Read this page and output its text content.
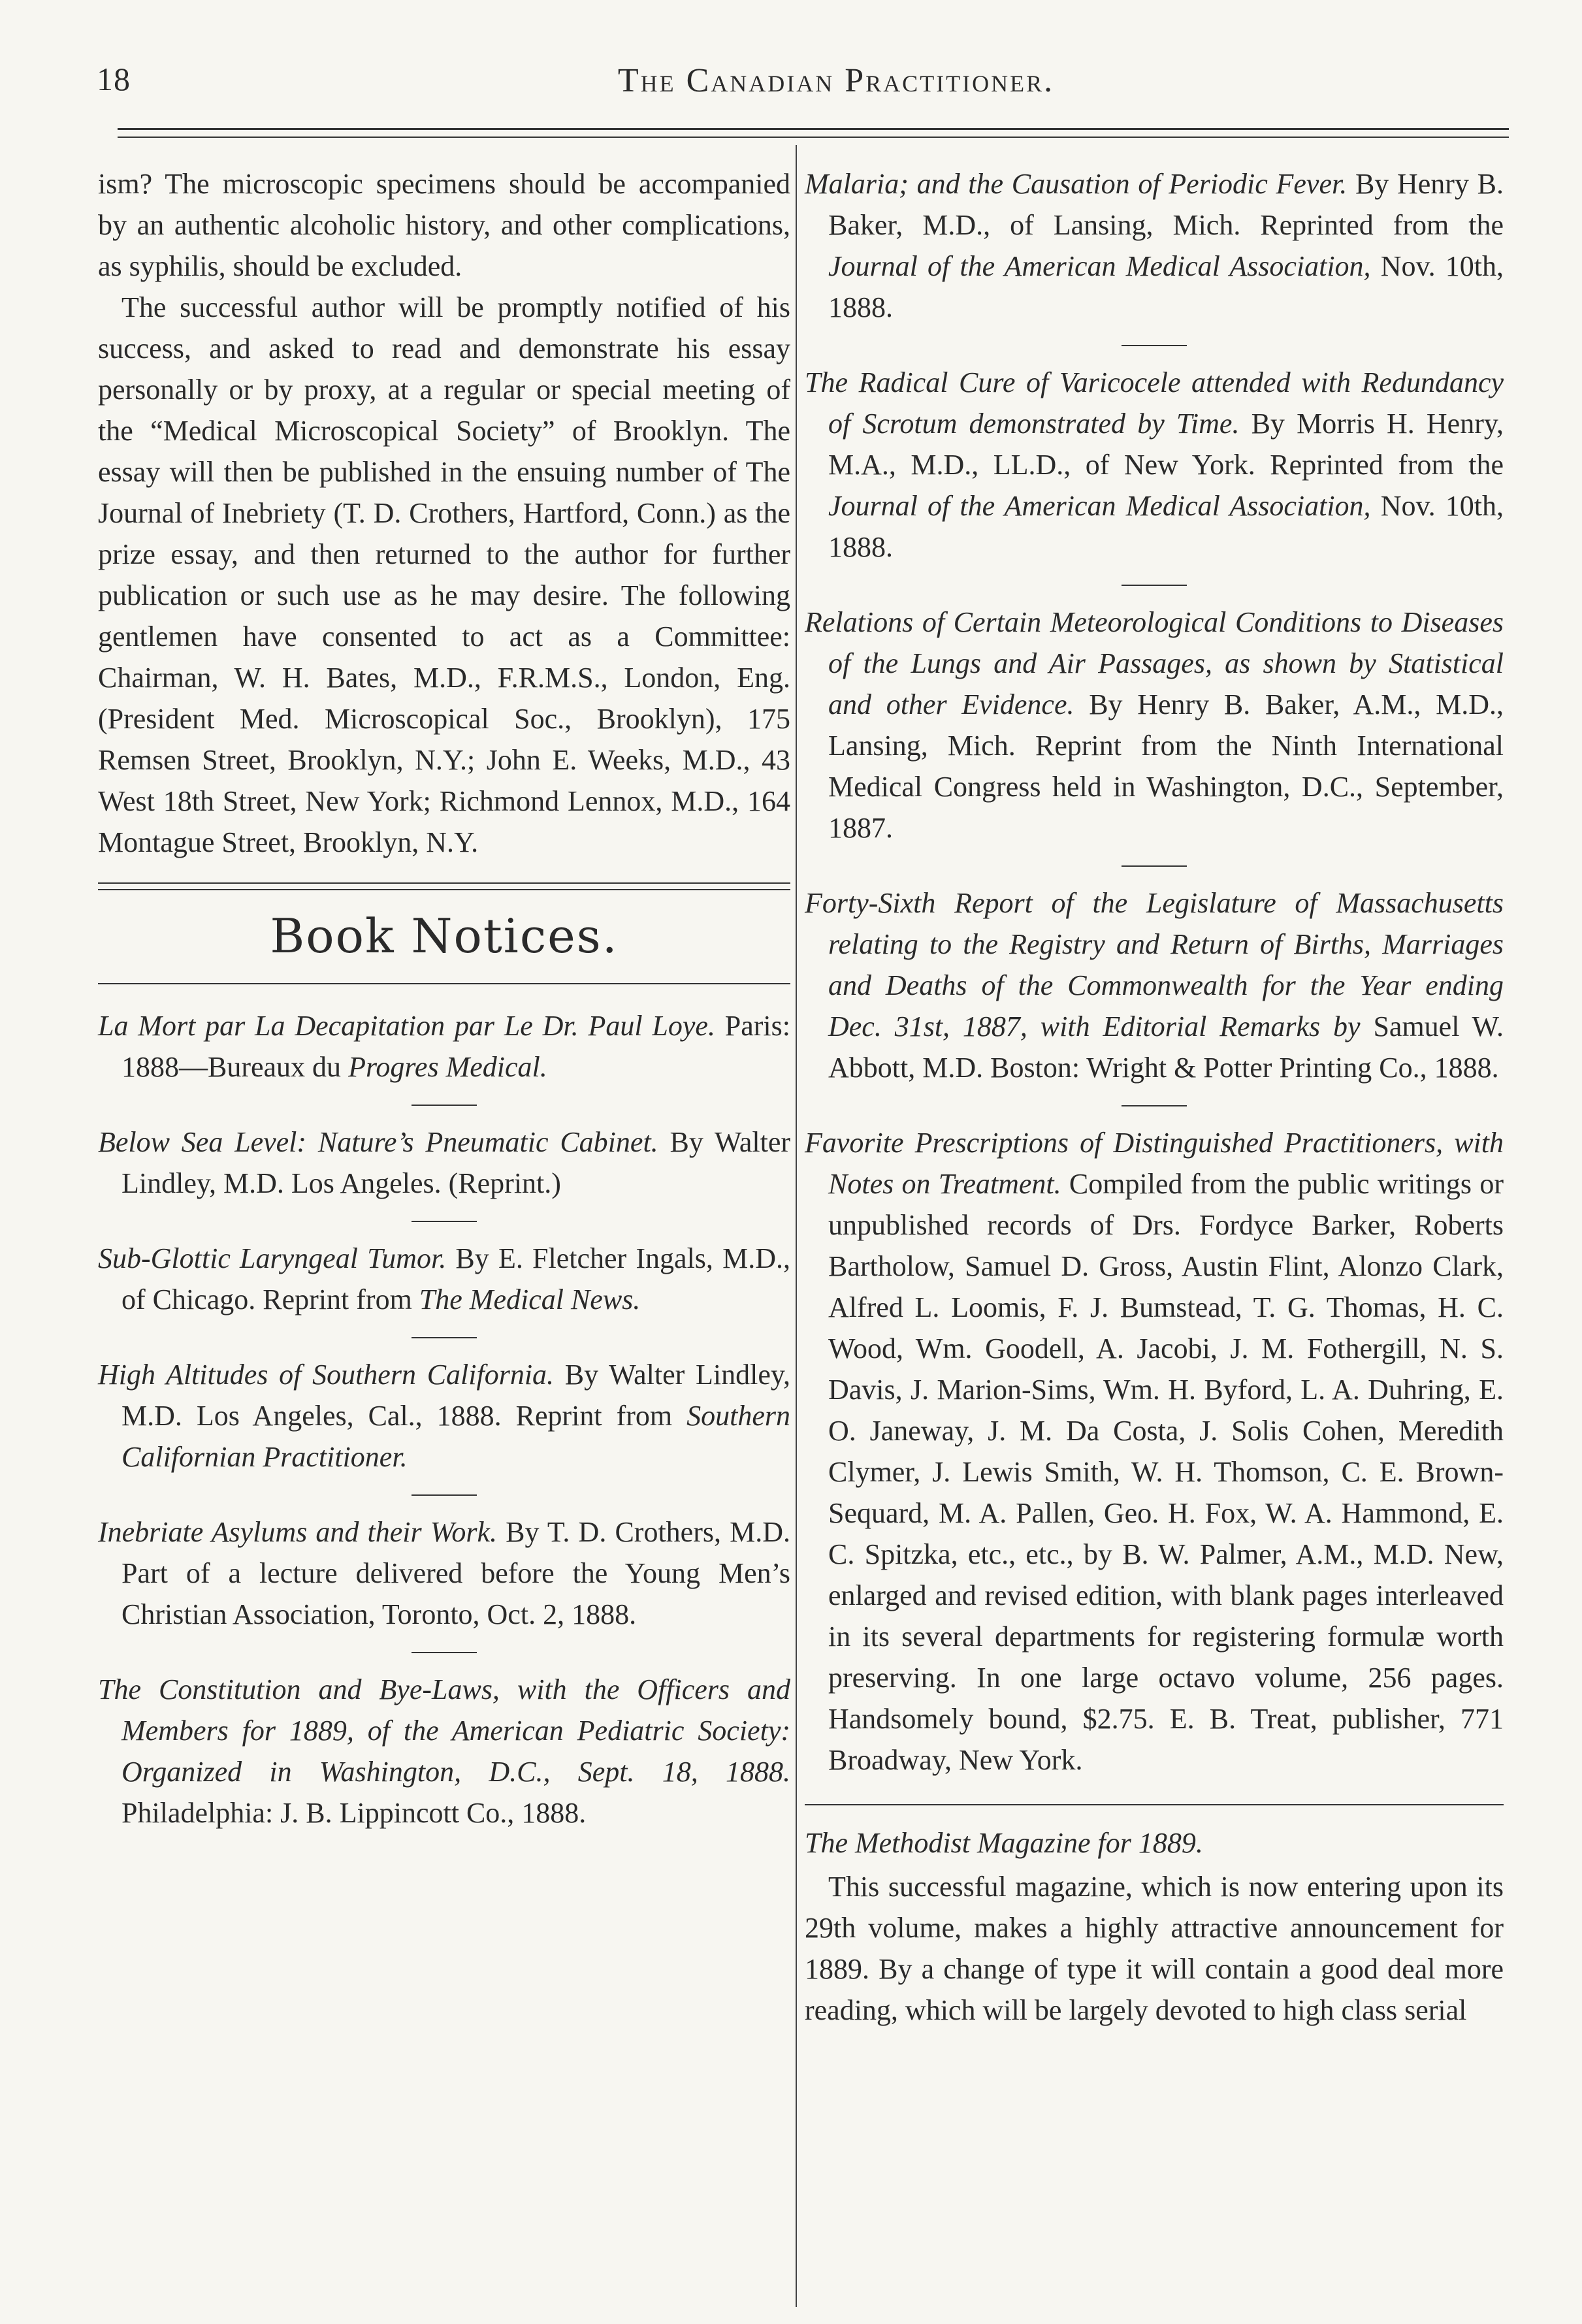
18	The Canadian Practitioner.

ism? The microscopic specimens should be accompanied by an authentic alcoholic history, and other complications, as syphilis, should be excluded.

The successful author will be promptly notified of his success, and asked to read and demonstrate his essay personally or by proxy, at a regular or special meeting of the “Medical Microscopical Society” of Brooklyn. The essay will then be published in the ensuing number of The Journal of Inebriety (T. D. Crothers, Hartford, Conn.) as the prize essay, and then returned to the author for further publication or such use as he may desire. The following gentlemen have consented to act as a Committee: Chairman, W. H. Bates, M.D., F.R.M.S., London, Eng. (President Med. Microscopical Soc., Brooklyn), 175 Remsen Street, Brooklyn, N.Y.; John E. Weeks, M.D., 43 West 18th Street, New York; Richmond Lennox, M.D., 164 Montague Street, Brooklyn, N.Y.

Book Notices.
La Mort par La Decapitation par Le Dr. Paul Loye. Paris: 1888—Bureaux du Progres Medical.
Below Sea Level: Nature’s Pneumatic Cabinet. By Walter Lindley, M.D. Los Angeles. (Reprint.)
Sub-Glottic Laryngeal Tumor. By E. Fletcher Ingals, M.D., of Chicago. Reprint from The Medical News.
High Altitudes of Southern California. By Walter Lindley, M.D. Los Angeles, Cal., 1888. Reprint from Southern Californian Practitioner.
Inebriate Asylums and their Work. By T. D. Crothers, M.D. Part of a lecture delivered before the Young Men’s Christian Association, Toronto, Oct. 2, 1888.
The Constitution and Bye-Laws, with the Officers and Members for 1889, of the American Pediatric Society: Organized in Washington, D.C., Sept. 18, 1888. Philadelphia: J. B. Lippincott Co., 1888.
Malaria; and the Causation of Periodic Fever. By Henry B. Baker, M.D., of Lansing, Mich. Reprinted from the Journal of the American Medical Association, Nov. 10th, 1888.
The Radical Cure of Varicocele attended with Redundancy of Scrotum demonstrated by Time. By Morris H. Henry, M.A., M.D., LL.D., of New York. Reprinted from the Journal of the American Medical Association, Nov. 10th, 1888.
Relations of Certain Meteorological Conditions to Diseases of the Lungs and Air Passages, as shown by Statistical and other Evidence. By Henry B. Baker, A.M., M.D., Lansing, Mich. Reprint from the Ninth International Medical Congress held in Washington, D.C., September, 1887.
Forty-Sixth Report of the Legislature of Massachusetts relating to the Registry and Return of Births, Marriages and Deaths of the Commonwealth for the Year ending Dec. 31st, 1887, with Editorial Remarks by Samuel W. Abbott, M.D. Boston: Wright & Potter Printing Co., 1888.
Favorite Prescriptions of Distinguished Practitioners, with Notes on Treatment. Compiled from the public writings or unpublished records of Drs. Fordyce Barker, Roberts Bartholow, Samuel D. Gross, Austin Flint, Alonzo Clark, Alfred L. Loomis, F. J. Bumstead, T. G. Thomas, H. C. Wood, Wm. Goodell, A. Jacobi, J. M. Fothergill, N. S. Davis, J. Marion-Sims, Wm. H. Byford, L. A. Duhring, E. O. Janeway, J. M. Da Costa, J. Solis Cohen, Meredith Clymer, J. Lewis Smith, W. H. Thomson, C. E. Brown-Sequard, M. A. Pallen, Geo. H. Fox, W. A. Hammond, E. C. Spitzka, etc., etc., by B. W. Palmer, A.M., M.D. New, enlarged and revised edition, with blank pages interleaved in its several departments for registering formulæ worth preserving. In one large octavo volume, 256 pages. Handsomely bound, $2.75. E. B. Treat, publisher, 771 Broadway, New York.
The Methodist Magazine for 1889.

This successful magazine, which is now entering upon its 29th volume, makes a highly attractive announcement for 1889. By a change of type it will contain a good deal more reading, which will be largely devoted to high class serial
